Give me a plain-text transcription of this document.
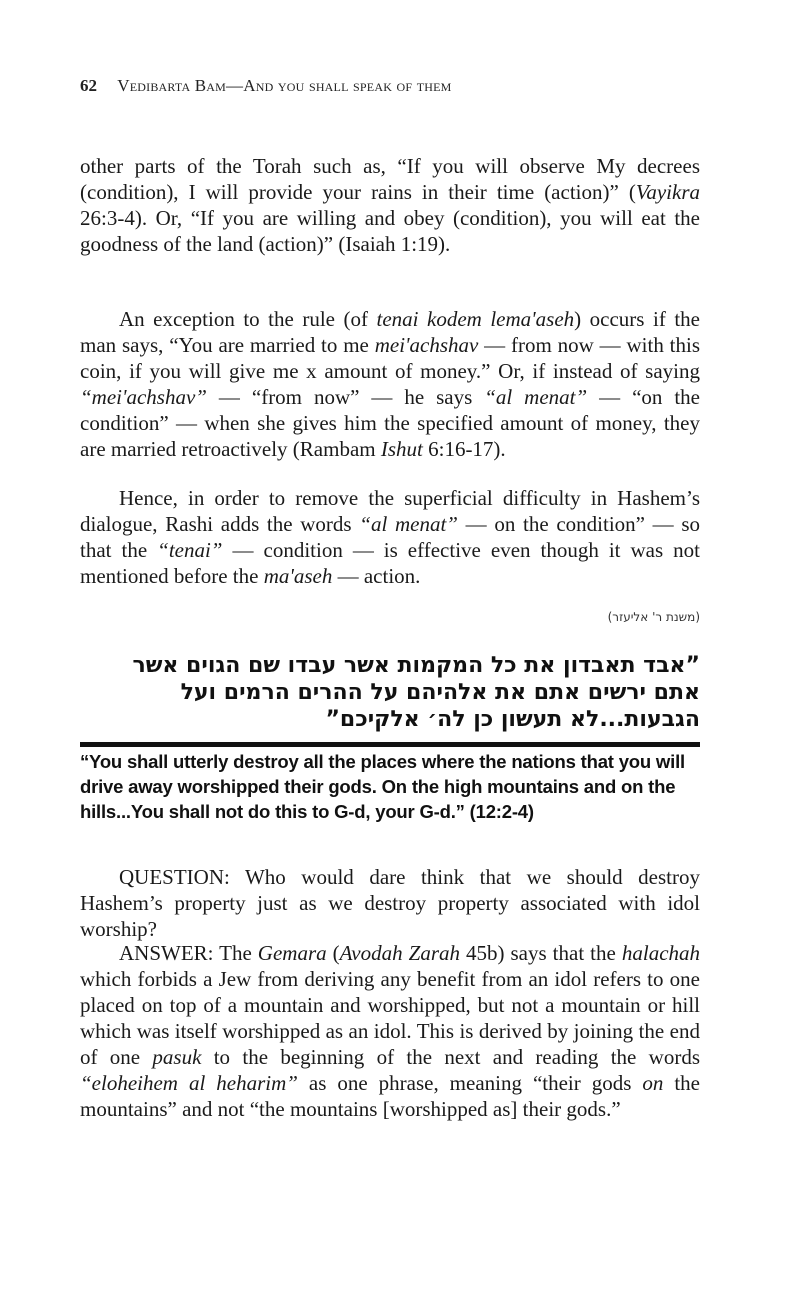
62 Vedibarta Bam—And you shall speak of them

other parts of the Torah such as, “If you will observe My decrees (condition), I will provide your rains in their time (action)” (Vayikra 26:3-4). Or, “If you are willing and obey (condition), you will eat the goodness of the land (action)” (Isaiah 1:19).

An exception to the rule (of tenai kodem lema'aseh) occurs if the man says, “You are married to me mei'achshav — from now — with this coin, if you will give me x amount of money.” Or, if instead of saying “mei'achshav” — “from now” — he says “al menat” — “on the condition” — when she gives him the specified amount of money, they are married retroactively (Rambam Ishut 6:16-17).

Hence, in order to remove the superficial difficulty in Hashem’s dialogue, Rashi adds the words “al menat” — on the condition” — so that the “tenai” — condition — is effective even though it was not mentioned before the ma'aseh — action.

(משנת ר' אליעזר)
”אבד תאבדון את כל המקמות אשר עבדו שם הגוים אשר אתם ירשים אתם את אלהיהם על ההרים הרמים ועל הגבעות...לא תעשון כן לה׳ אלקיכם”
“You shall utterly destroy all the places where the nations that you will drive away worshipped their gods. On the high mountains and on the hills...You shall not do this to G-d, your G-d.” (12:2-4)

QUESTION: Who would dare think that we should destroy Hashem’s property just as we destroy property associated with idol worship?

ANSWER: The Gemara (Avodah Zarah 45b) says that the halachah which forbids a Jew from deriving any benefit from an idol refers to one placed on top of a mountain and worshipped, but not a mountain or hill which was itself worshipped as an idol. This is derived by joining the end of one pasuk to the beginning of the next and reading the words “eloheihem al heharim” as one phrase, meaning “their gods on the mountains” and not “the mountains [worshipped as] their gods.”
